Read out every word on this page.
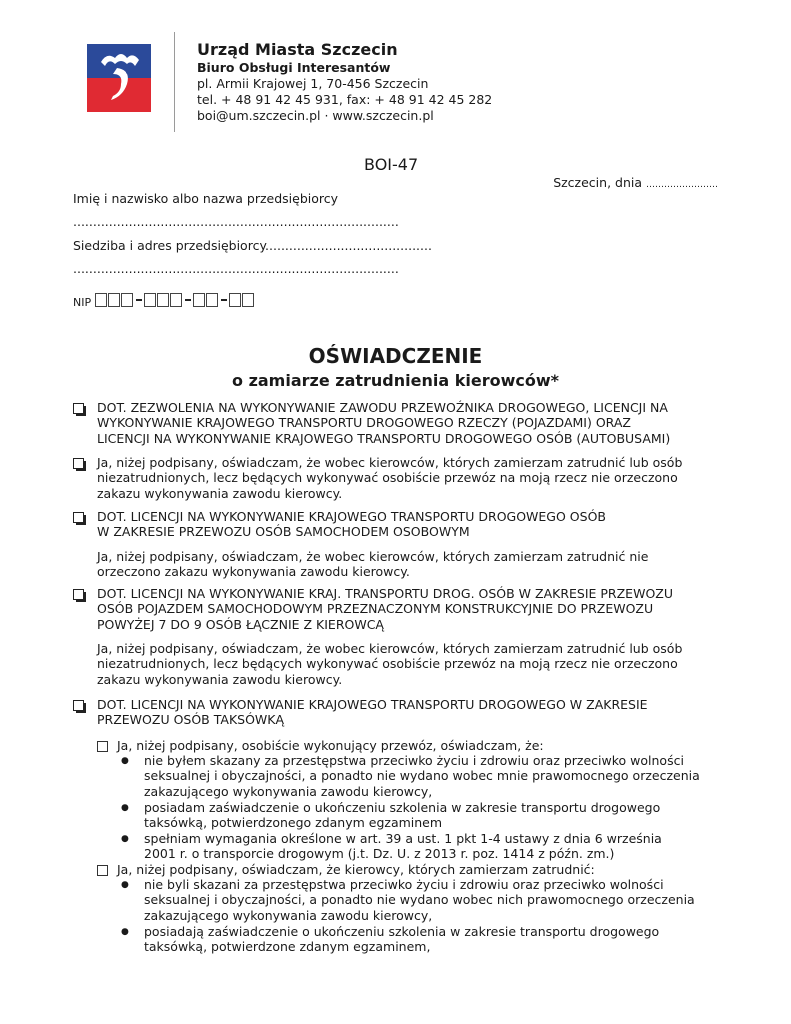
Urząd Miasta Szczecin
Biuro Obsługi Interesantów
pl. Armii Krajowej 1, 70-456 Szczecin
tel. + 48 91 42 45 931, fax: + 48 91 42 45 282
boi@um.szczecin.pl · www.szczecin.pl
BOI-47
Szczecin, dnia ……………………
Imię i nazwisko albo nazwa przedsiębiorcy
..................................................................................
Siedziba i adres przedsiębiorcy..........................................
..................................................................................
NIP
OŚWIADCZENIE
o zamiarze zatrudnienia kierowców*
DOT. ZEZWOLENIA NA WYKONYWANIE ZAWODU PRZEWOŹNIKA DROGOWEGO, LICENCJI NA
WYKONYWANIE KRAJOWEGO TRANSPORTU DROGOWEGO RZECZY (POJAZDAMI) ORAZ
LICENCJI NA WYKONYWANIE KRAJOWEGO TRANSPORTU DROGOWEGO OSÓB (AUTOBUSAMI)
Ja, niżej podpisany, oświadczam, że wobec kierowców, których zamierzam zatrudnić lub osób
niezatrudnionych, lecz będących wykonywać osobiście przewóz na moją rzecz nie orzeczono
zakazu wykonywania zawodu kierowcy.
DOT. LICENCJI NA WYKONYWANIE KRAJOWEGO TRANSPORTU DROGOWEGO OSÓB
W ZAKRESIE PRZEWOZU OSÓB SAMOCHODEM OSOBOWYM
Ja, niżej podpisany, oświadczam, że wobec kierowców, których zamierzam zatrudnić nie
orzeczono zakazu wykonywania zawodu kierowcy.
DOT. LICENCJI NA WYKONYWANIE KRAJ. TRANSPORTU DROG. OSÓB W ZAKRESIE PRZEWOZU
OSÓB POJAZDEM SAMOCHODOWYM PRZEZNACZONYM KONSTRUKCYJNIE DO PRZEWOZU
POWYŻEJ 7 DO 9 OSÓB ŁĄCZNIE Z KIEROWCĄ
Ja, niżej podpisany, oświadczam, że wobec kierowców, których zamierzam zatrudnić lub osób
niezatrudnionych, lecz będących wykonywać osobiście przewóz na moją rzecz nie orzeczono
zakazu wykonywania zawodu kierowcy.
DOT. LICENCJI NA WYKONYWANIE KRAJOWEGO TRANSPORTU DROGOWEGO W ZAKRESIE
PRZEWOZU OSÓB TAKSÓWKĄ
Ja, niżej podpisany, osobiście wykonujący przewóz, oświadczam, że:
● nie byłem skazany za przestępstwa przeciwko życiu i zdrowiu oraz przeciwko wolności
seksualnej i obyczajności, a ponadto nie wydano wobec mnie prawomocnego orzeczenia
zakazującego wykonywania zawodu kierowcy,
● posiadam zaświadczenie o ukończeniu szkolenia w zakresie transportu drogowego
taksówką, potwierdzonego zdanym egzaminem
● spełniam wymagania określone w art. 39 a ust. 1 pkt 1-4 ustawy z dnia 6 września
2001 r. o transporcie drogowym (j.t. Dz. U. z 2013 r. poz. 1414 z późn. zm.)
Ja, niżej podpisany, oświadczam, że kierowcy, których zamierzam zatrudnić:
● nie byli skazani za przestępstwa przeciwko życiu i zdrowiu oraz przeciwko wolności
seksualnej i obyczajności, a ponadto nie wydano wobec nich prawomocnego orzeczenia
zakazującego wykonywania zawodu kierowcy,
● posiadają zaświadczenie o ukończeniu szkolenia w zakresie transportu drogowego
taksówką, potwierdzone zdanym egzaminem,
